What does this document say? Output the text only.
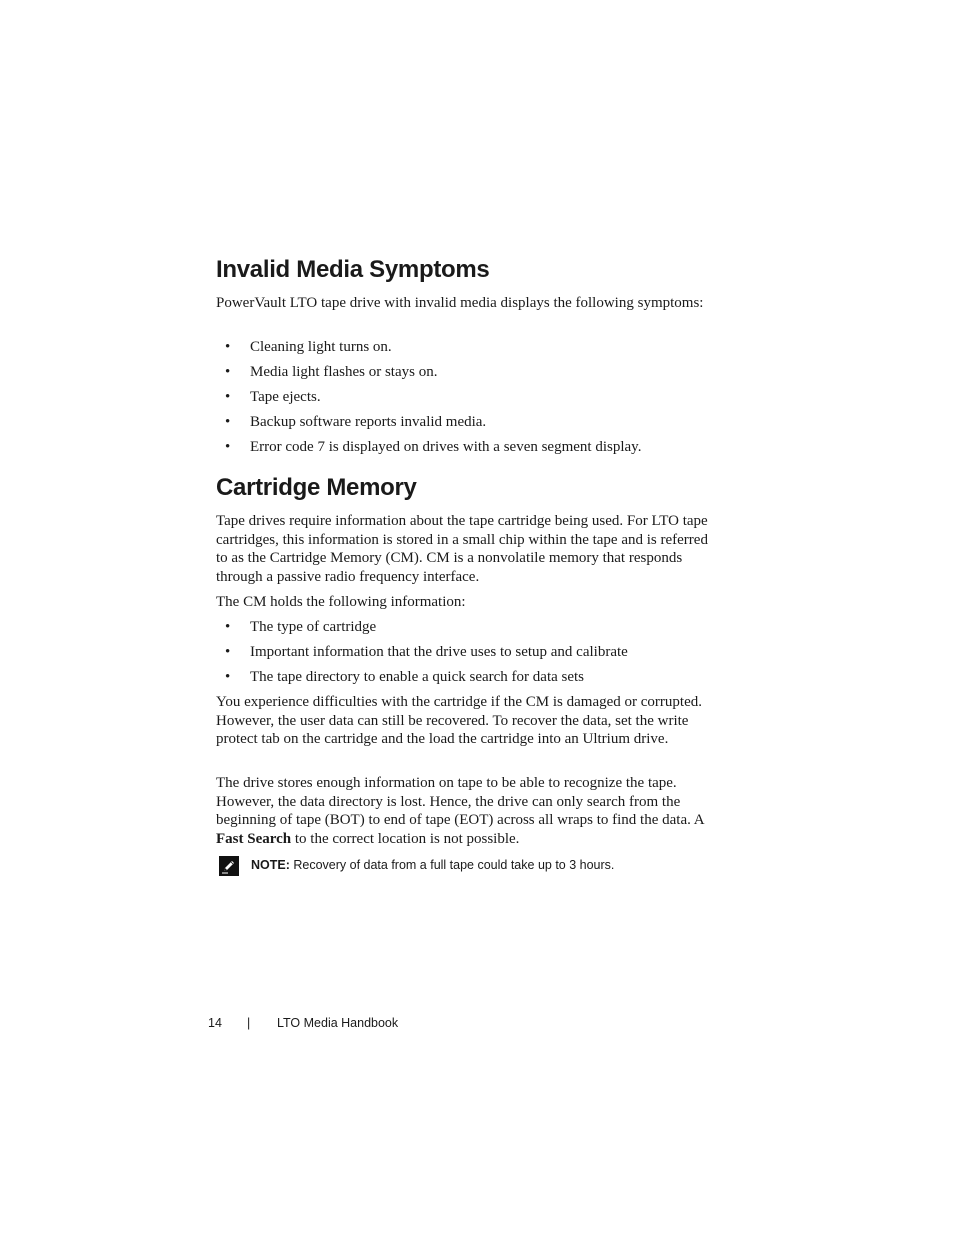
Invalid Media Symptoms

PowerVault LTO tape drive with invalid media displays the following symptoms:

• Cleaning light turns on.
• Media light flashes or stays on.
• Tape ejects.
• Backup software reports invalid media.
• Error code 7 is displayed on drives with a seven segment display.
Cartridge Memory

Tape drives require information about the tape cartridge being used. For LTO tape cartridges, this information is stored in a small chip within the tape and is referred to as the Cartridge Memory (CM). CM is a nonvolatile memory that responds through a passive radio frequency interface.

The CM holds the following information:

• The type of cartridge
• Important information that the drive uses to setup and calibrate
• The tape directory to enable a quick search for data sets

You experience difficulties with the cartridge if the CM is damaged or corrupted. However, the user data can still be recovered. To recover the data, set the write protect tab on the cartridge and the load the cartridge into an Ultrium drive.

The drive stores enough information on tape to be able to recognize the tape. However, the data directory is lost. Hence, the drive can only search from the beginning of tape (BOT) to end of tape (EOT) across all wraps to find the data. A Fast Search to the correct location is not possible.

NOTE: Recovery of data from a full tape could take up to 3 hours.
14 | LTO Media Handbook
